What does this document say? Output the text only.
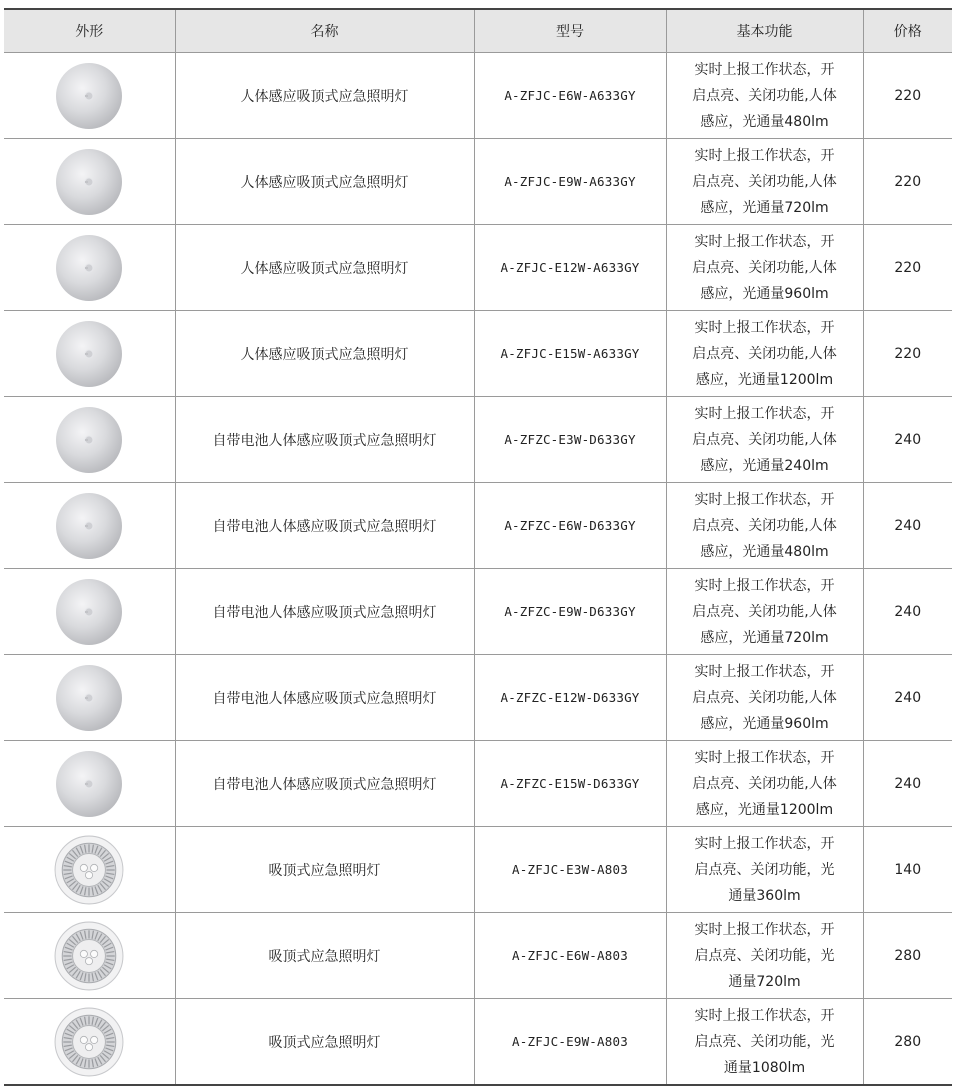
外形	名称	型号	基本功能	价格

	人体感应吸顶式应急照明灯	A-ZFJC-E6W-A633GY	实时上报工作状态，开
启点亮、关闭功能,人体
感应，光通量480lm	220

	人体感应吸顶式应急照明灯	A-ZFJC-E9W-A633GY	实时上报工作状态，开
启点亮、关闭功能,人体
感应，光通量720lm	220

	人体感应吸顶式应急照明灯	A-ZFJC-E12W-A633GY	实时上报工作状态，开
启点亮、关闭功能,人体
感应，光通量960lm	220

	人体感应吸顶式应急照明灯	A-ZFJC-E15W-A633GY	实时上报工作状态，开
启点亮、关闭功能,人体
感应，光通量1200lm	220

	自带电池人体感应吸顶式应急照明灯	A-ZFZC-E3W-D633GY	实时上报工作状态，开
启点亮、关闭功能,人体
感应，光通量240lm	240

	自带电池人体感应吸顶式应急照明灯	A-ZFZC-E6W-D633GY	实时上报工作状态，开
启点亮、关闭功能,人体
感应，光通量480lm	240

	自带电池人体感应吸顶式应急照明灯	A-ZFZC-E9W-D633GY	实时上报工作状态，开
启点亮、关闭功能,人体
感应，光通量720lm	240

	自带电池人体感应吸顶式应急照明灯	A-ZFZC-E12W-D633GY	实时上报工作状态，开
启点亮、关闭功能,人体
感应，光通量960lm	240

	自带电池人体感应吸顶式应急照明灯	A-ZFZC-E15W-D633GY	实时上报工作状态，开
启点亮、关闭功能,人体
感应，光通量1200lm	240

	吸顶式应急照明灯	A-ZFJC-E3W-A803	实时上报工作状态，开
启点亮、关闭功能，光
通量360lm	140

	吸顶式应急照明灯	A-ZFJC-E6W-A803	实时上报工作状态，开
启点亮、关闭功能，光
通量720lm	280

	吸顶式应急照明灯	A-ZFJC-E9W-A803	实时上报工作状态，开
启点亮、关闭功能，光
通量1080lm	280
